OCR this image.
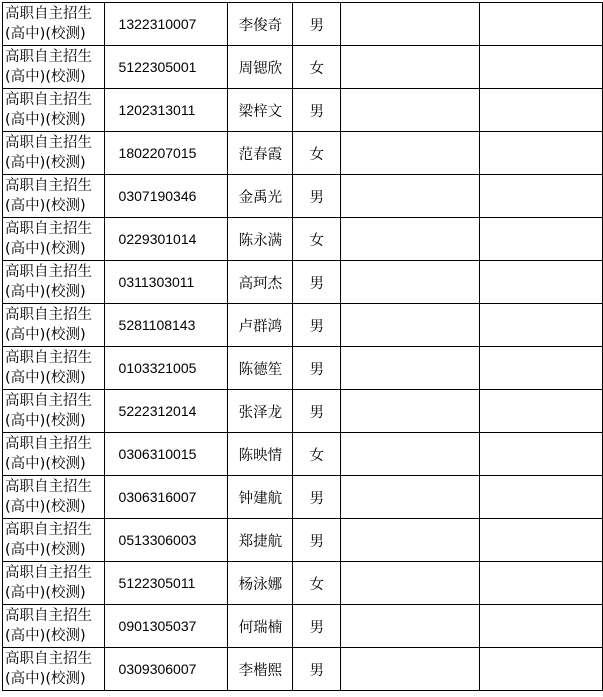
高职自主招生
(高中)(校测)	1322310007	李俊奇	男		

高职自主招生
(高中)(校测)	5122305001	周锶欣	女		

高职自主招生
(高中)(校测)	1202313011	梁梓文	男		

高职自主招生
(高中)(校测)	1802207015	范春霞	女		

高职自主招生
(高中)(校测)	0307190346	金禹光	男		

高职自主招生
(高中)(校测)	0229301014	陈永满	女		

高职自主招生
(高中)(校测)	0311303011	高珂杰	男		

高职自主招生
(高中)(校测)	5281108143	卢群鸿	男		

高职自主招生
(高中)(校测)	0103321005	陈德笙	男		

高职自主招生
(高中)(校测)	5222312014	张泽龙	男		

高职自主招生
(高中)(校测)	0306310015	陈映情	女		

高职自主招生
(高中)(校测)	0306316007	钟建航	男		

高职自主招生
(高中)(校测)	0513306003	郑捷航	男		

高职自主招生
(高中)(校测)	5122305011	杨泳娜	女		

高职自主招生
(高中)(校测)	0901305037	何瑞楠	男		

高职自主招生
(高中)(校测)	0309306007	李楷熙	男		
